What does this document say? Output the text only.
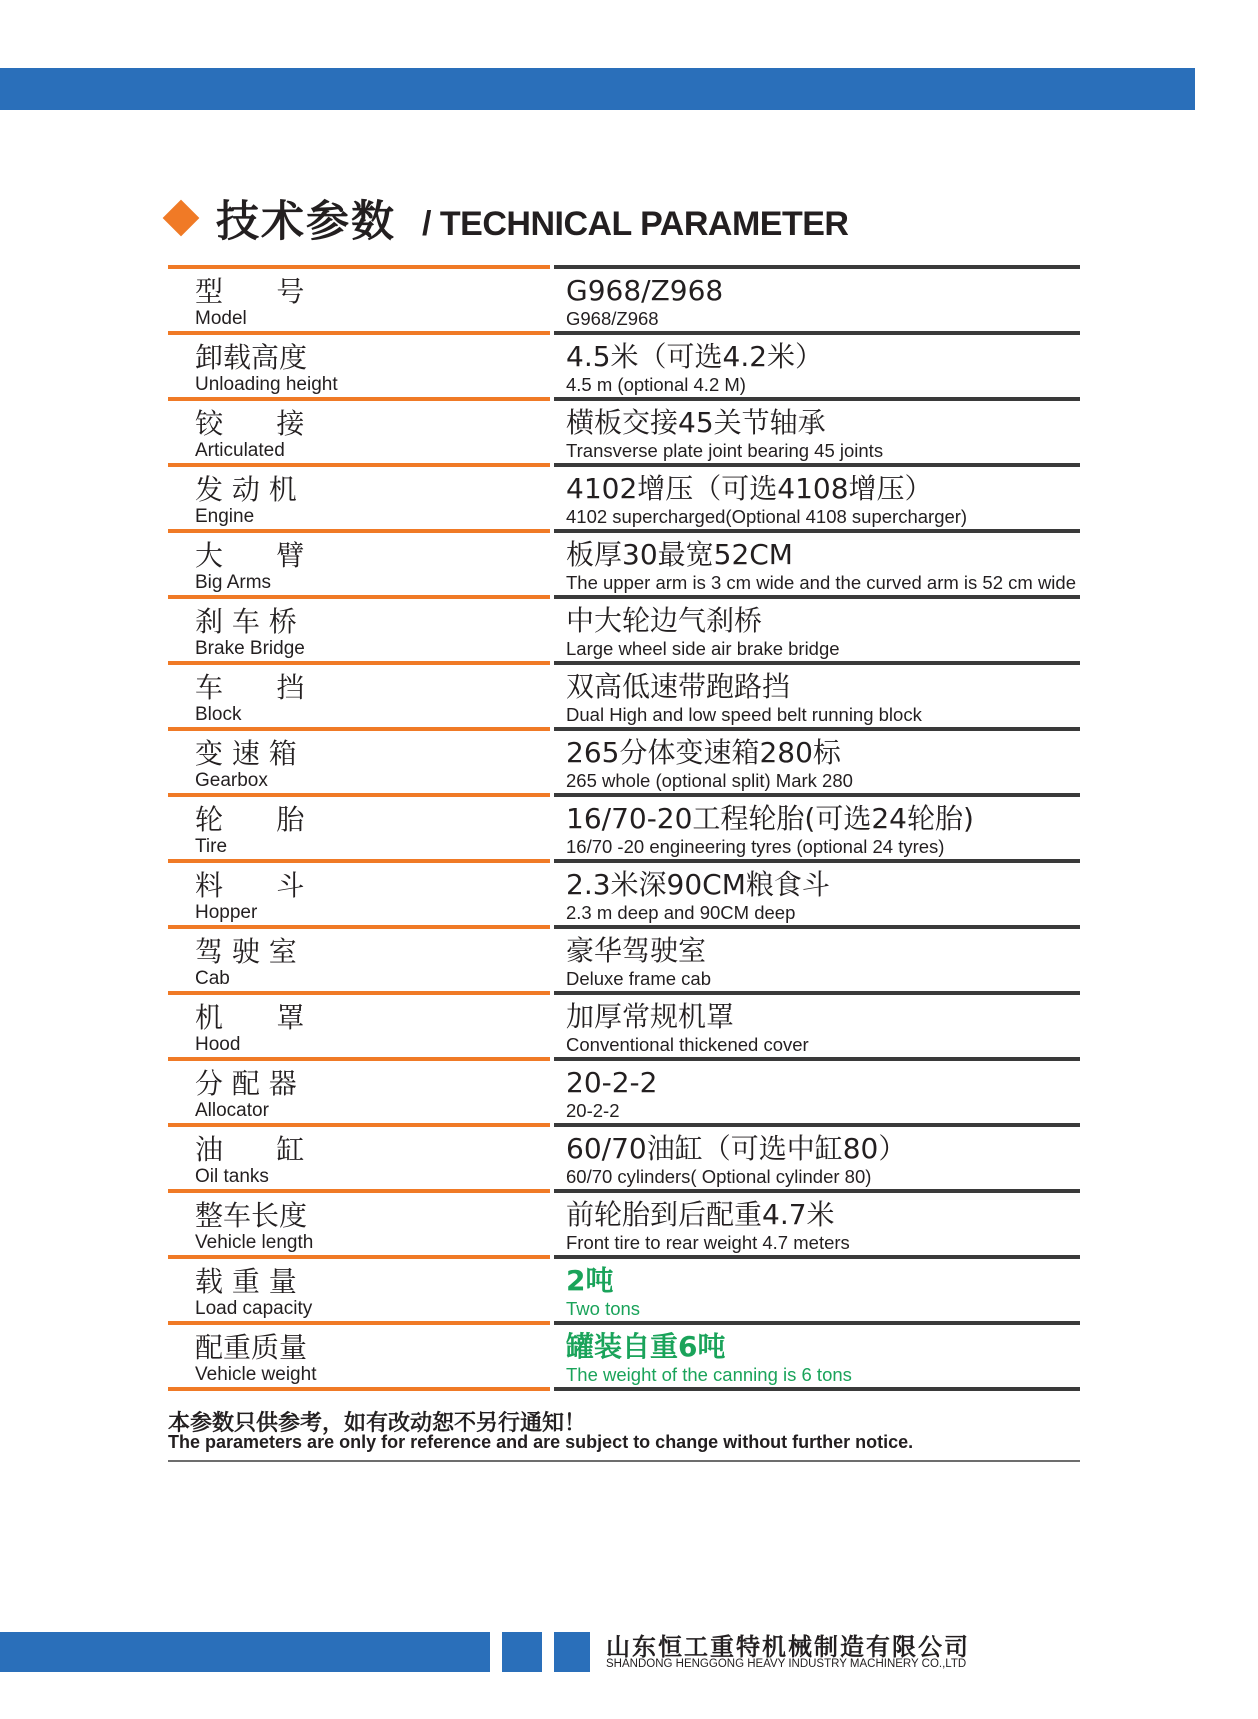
技术参数 / TECHNICAL PARAMETER
型      号
Model
G968/Z968
G968/Z968
卸载高度
Unloading height
4.5米（可选4.2米）
4.5 m (optional 4.2 M)
铰      接
Articulated
横板交接45关节轴承
Transverse plate joint bearing 45 joints
发 动 机
Engine
4102增压（可选4108增压）
4102 supercharged(Optional 4108 supercharger)
大      臂
Big Arms
板厚30最宽52CM
The upper arm is 3 cm wide and the curved arm is 52 cm wide
刹 车 桥
Brake Bridge
中大轮边气刹桥
Large wheel side air brake bridge
车      挡
Block
双高低速带跑路挡
Dual High and low speed belt running block
变 速 箱
Gearbox
265分体变速箱280标
265 whole (optional split) Mark 280
轮      胎
Tire
16/70-20工程轮胎(可选24轮胎)
16/70 -20 engineering tyres (optional 24 tyres)
料      斗
Hopper
2.3米深90CM粮食斗
2.3 m deep and 90CM deep
驾 驶 室
Cab
豪华驾驶室
Deluxe frame cab
机      罩
Hood
加厚常规机罩
Conventional thickened cover
分 配 器
Allocator
20-2-2
20-2-2
油      缸
Oil tanks
60/70油缸（可选中缸80）
60/70 cylinders( Optional cylinder 80)
整车长度
Vehicle length
前轮胎到后配重4.7米
Front tire to rear weight 4.7 meters
载 重 量
Load capacity
2吨
Two tons
配重质量
Vehicle weight
罐装自重6吨
The weight of the canning is 6 tons
本参数只供参考，如有改动恕不另行通知！
The parameters are only for reference and are subject to change without further notice.
山东恒工重特机械制造有限公司
SHANDONG HENGGONG HEAVY INDUSTRY MACHINERY CO.,LTD
